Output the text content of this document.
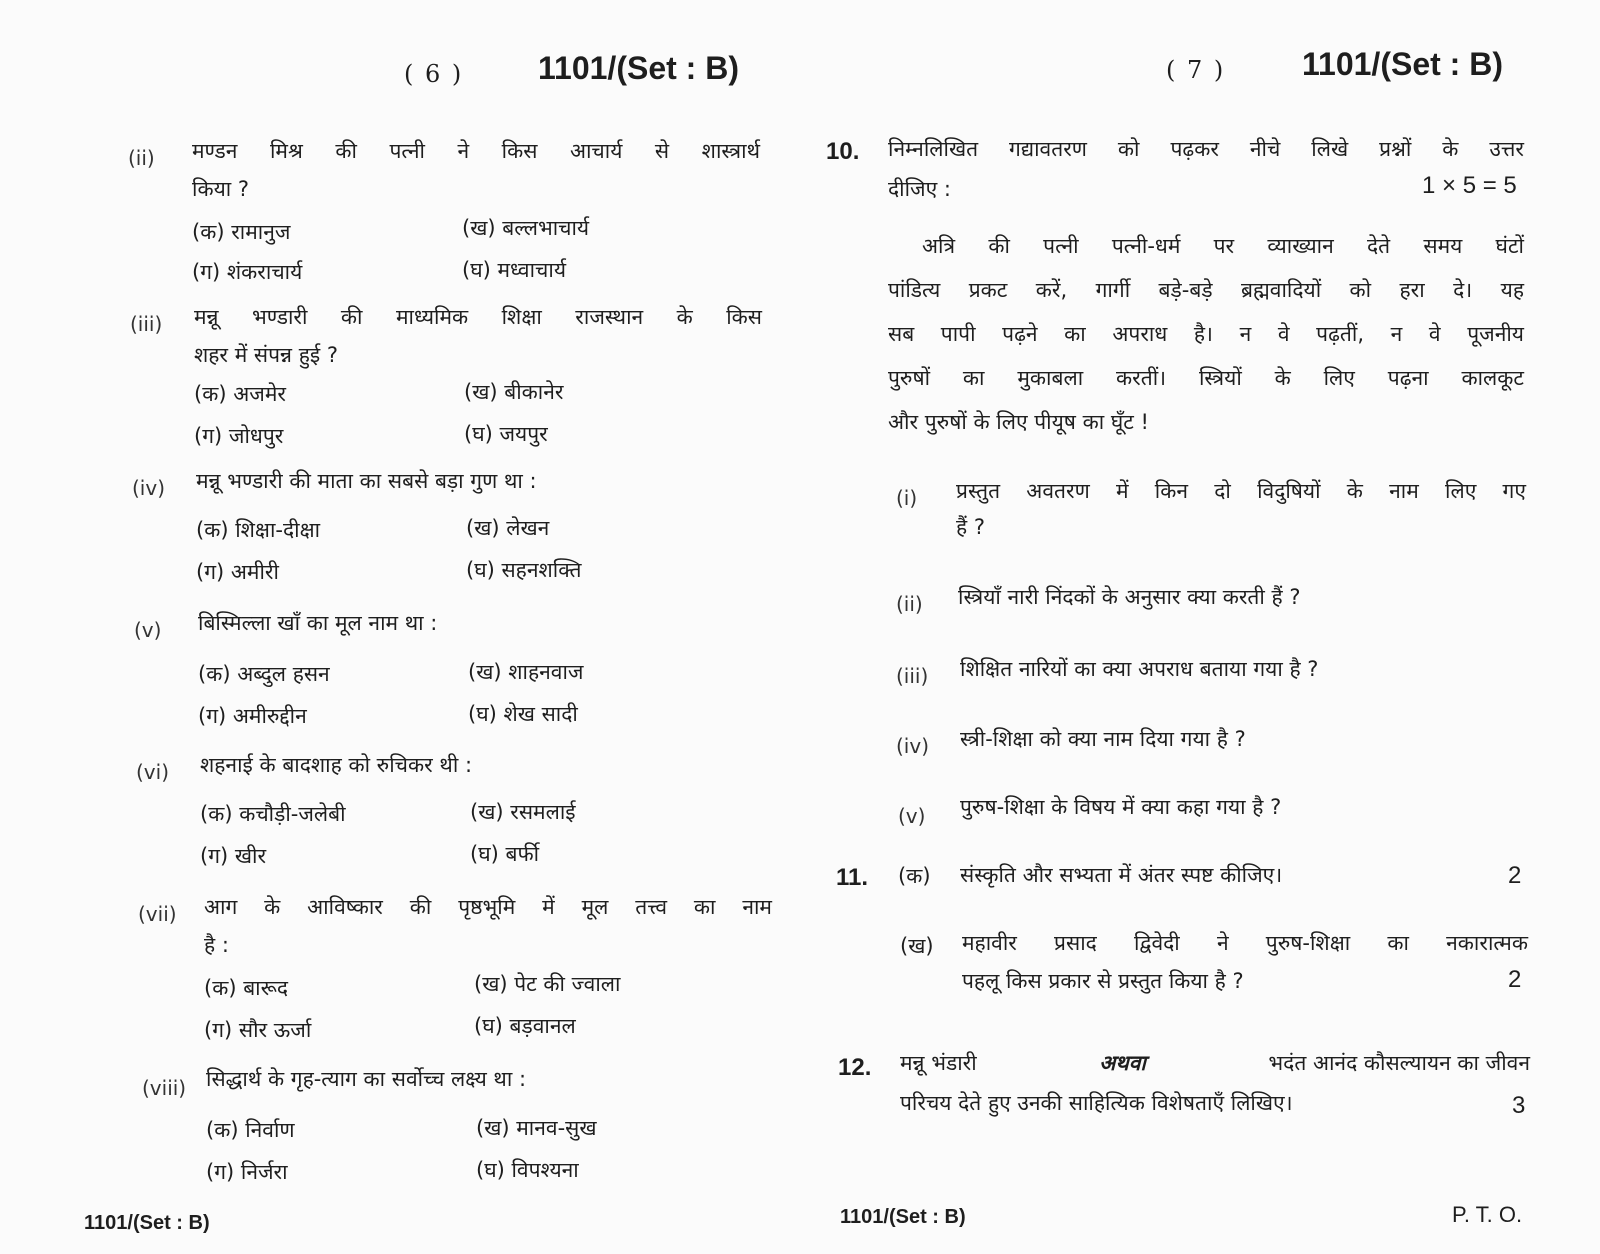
( 6 ) 1101/(Set : B)
(ii) मण्डन मिश्र की पत्नी ने किस आचार्य से शास्त्रार्थ
किया ?
(क) रामानुज	(ख) बल्लभाचार्य
(ग) शंकराचार्य	(घ) मध्वाचार्य
(iii) मन्नू भण्डारी की माध्यमिक शिक्षा राजस्थान के किस
शहर में संपन्न हुई ?
(क) अजमेर	(ख) बीकानेर
(ग) जोधपुर	(घ) जयपुर
(iv) मन्नू भण्डारी की माता का सबसे बड़ा गुण था :
(क) शिक्षा-दीक्षा	(ख) लेखन
(ग) अमीरी	(घ) सहनशक्ति
(v) बिस्मिल्ला खाँ का मूल नाम था :
(क) अब्दुल हसन	(ख) शाहनवाज
(ग) अमीरुद्दीन	(घ) शेख सादी
(vi) शहनाई के बादशाह को रुचिकर थी :
(क) कचौड़ी-जलेबी	(ख) रसमलाई
(ग) खीर	(घ) बर्फी
(vii) आग के आविष्कार की पृष्ठभूमि में मूल तत्त्व का नाम
है :
(क) बारूद	(ख) पेट की ज्वाला
(ग) सौर ऊर्जा	(घ) बड़वानल
(viii) सिद्धार्थ के गृह-त्याग का सर्वोच्च लक्ष्य था :
(क) निर्वाण	(ख) मानव-सुख
(ग) निर्जरा	(घ) विपश्यना
1101/(Set : B)
( 7 ) 1101/(Set : B)
10. निम्नलिखित गद्यावतरण को पढ़कर नीचे लिखे प्रश्नों के उत्तर
दीजिए :	1 × 5 = 5
अत्रि की पत्नी पत्नी-धर्म पर व्याख्यान देते समय घंटों
पांडित्य प्रकट करें, गार्गी बड़े-बड़े ब्रह्मवादियों को हरा दे। यह
सब पापी पढ़ने का अपराध है। न वे पढ़तीं, न वे पूजनीय
पुरुषों का मुकाबला करतीं। स्त्रियों के लिए पढ़ना कालकूट
और पुरुषों के लिए पीयूष का घूँट !
(i) प्रस्तुत अवतरण में किन दो विदुषियों के नाम लिए गए
हैं ?
(ii) स्त्रियाँ नारी निंदकों के अनुसार क्या करती हैं ?
(iii) शिक्षित नारियों का क्या अपराध बताया गया है ?
(iv) स्त्री-शिक्षा को क्या नाम दिया गया है ?
(v) पुरुष-शिक्षा के विषय में क्या कहा गया है ?
11. (क) संस्कृति और सभ्यता में अंतर स्पष्ट कीजिए।	2
(ख) महावीर प्रसाद द्विवेदी ने पुरुष-शिक्षा का नकारात्मक
पहलू किस प्रकार से प्रस्तुत किया है ?	2
12. मन्नू भंडारी	अथवा	भदंत आनंद कौसल्यायन का जीवन
परिचय देते हुए उनकी साहित्यिक विशेषताएँ लिखिए।	3
1101/(Set : B)	P. T. O.
